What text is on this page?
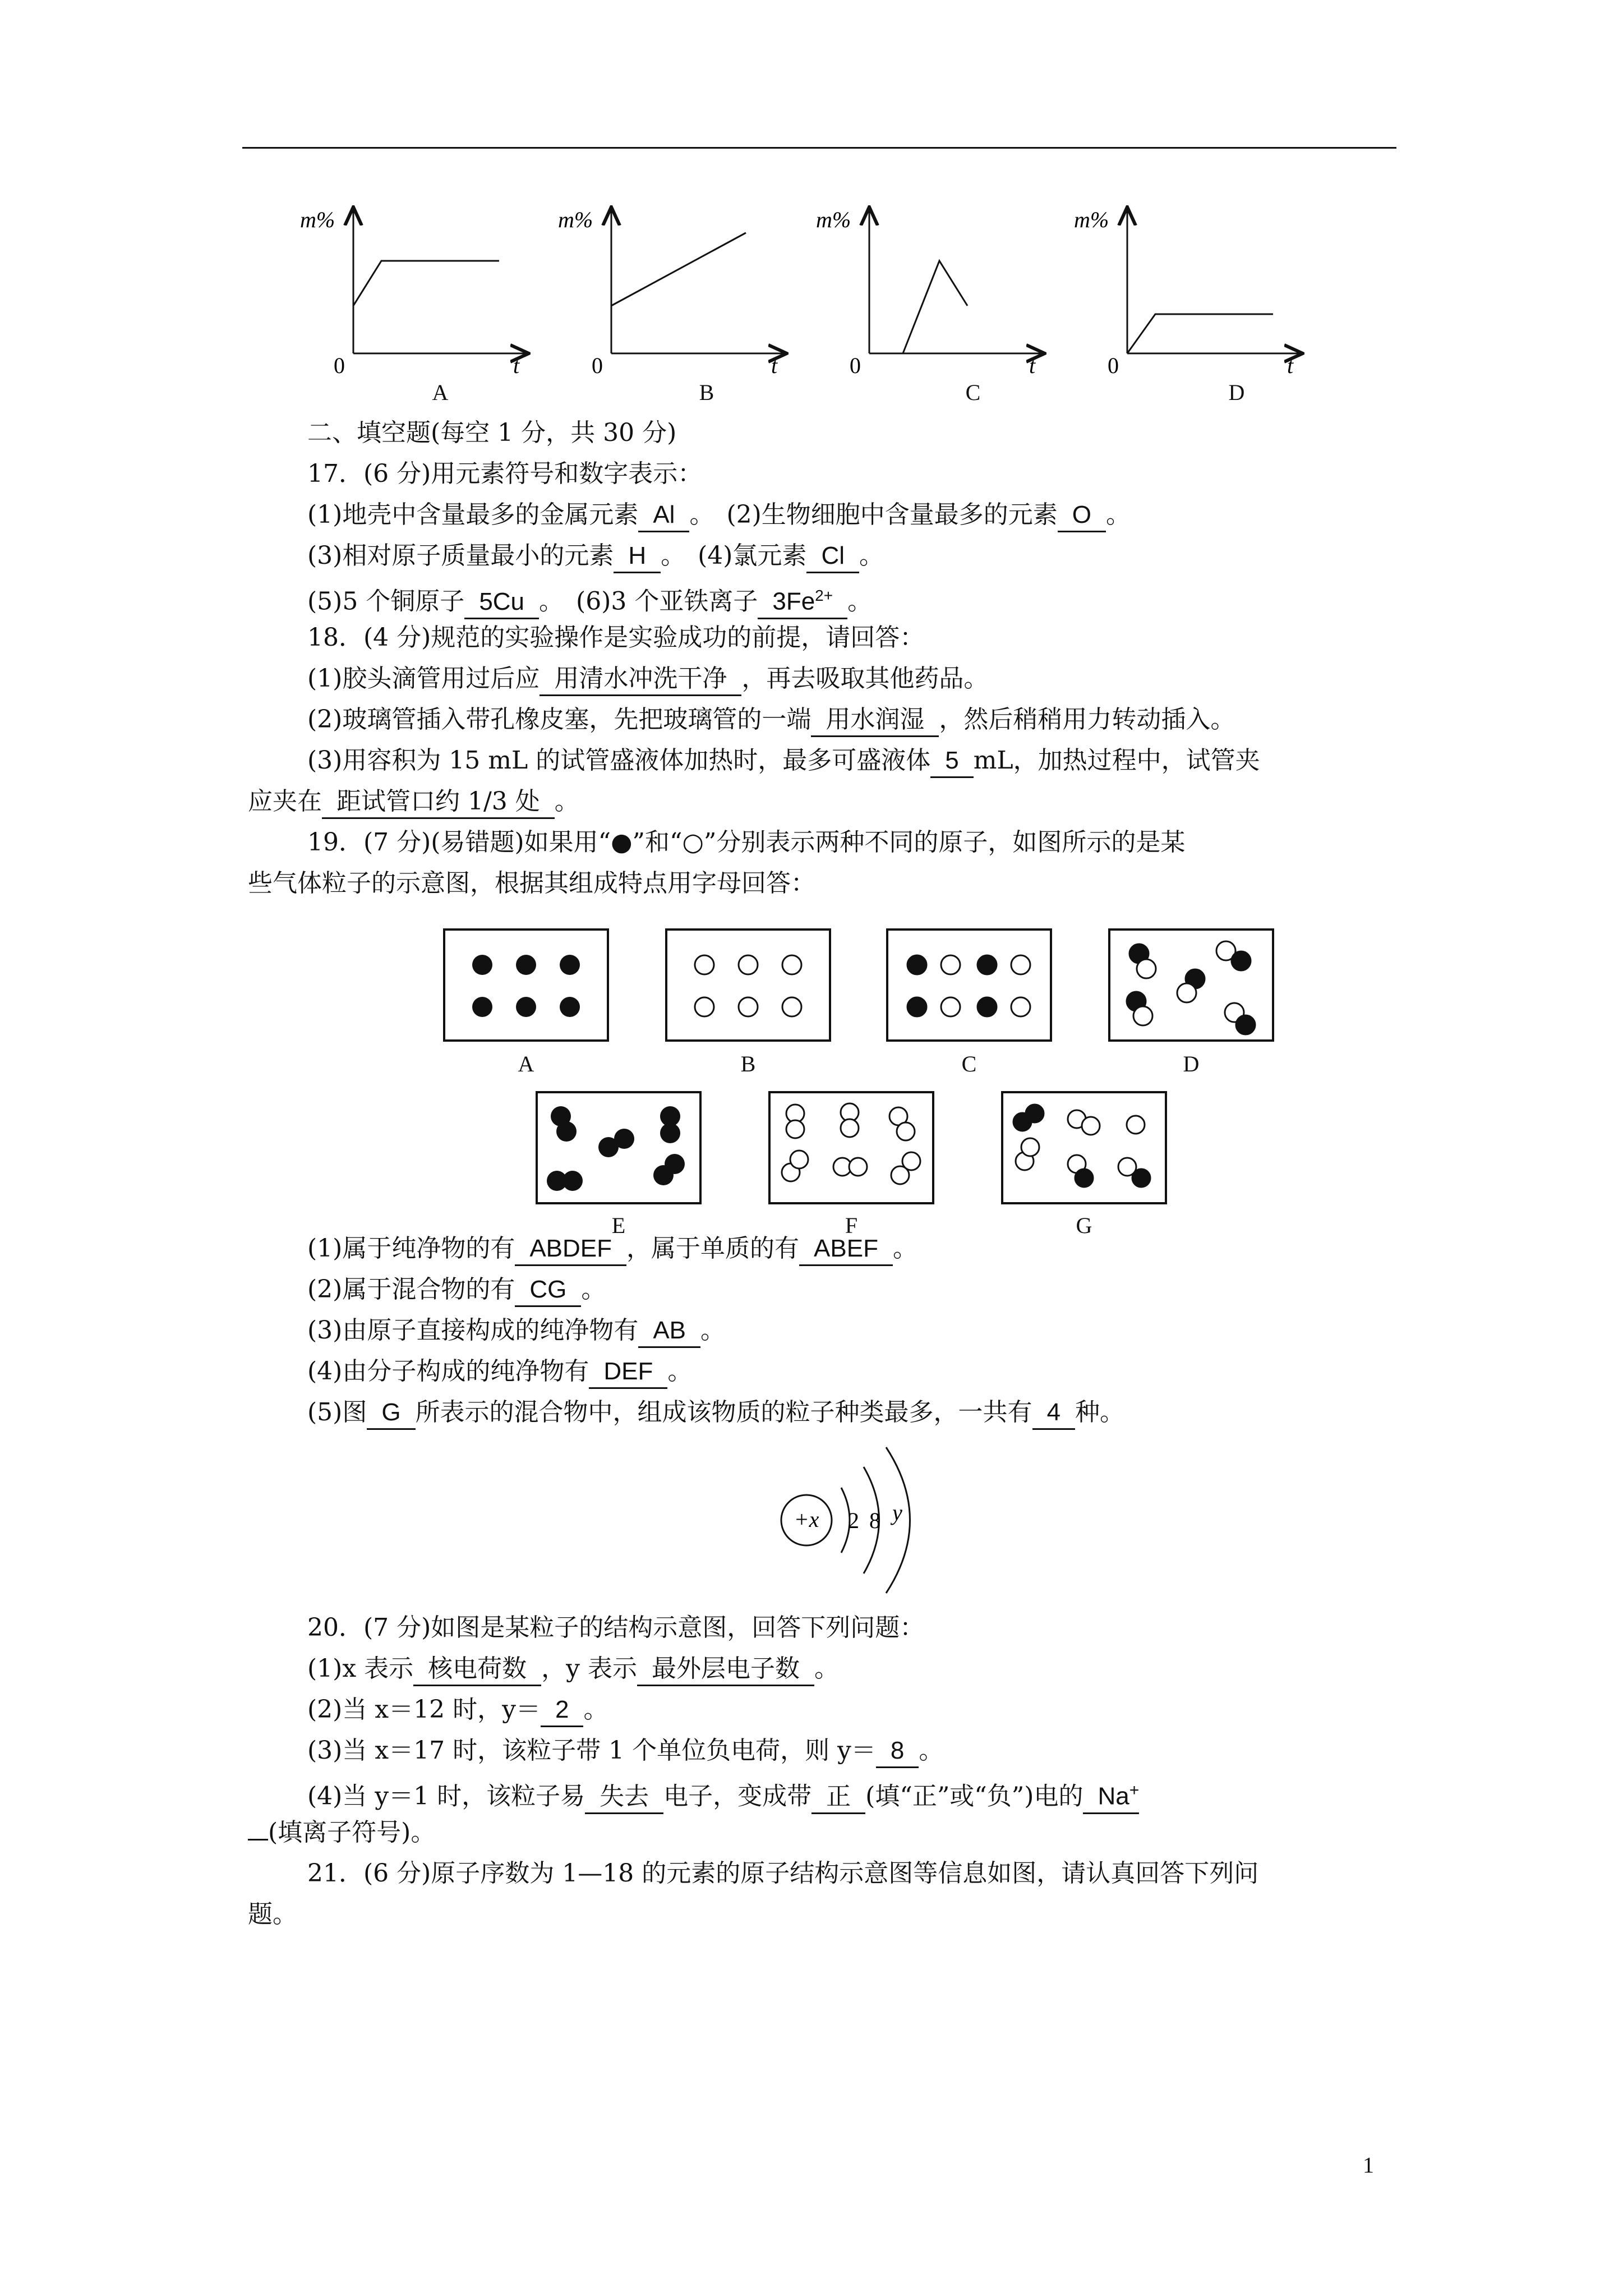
m%
0	t
m%
0	t
m%
0	t
m%
0	t
A	B	C	D
二、填空题(每空 1 分，共 30 分)
17．(6 分)用元素符号和数字表示：
(1)地壳中含量最多的金属元素 Al 。　(2)生物细胞中含量最多的元素 O 。
(3)相对原子质量最小的元素 H 。　(4)氯元素 Cl 。
(5)5 个铜原子 5Cu 。　(6)3 个亚铁离子 $3Fe^{2+}$ 。
18．(4 分)规范的实验操作是实验成功的前提，请回答：
(1)胶头滴管用过后应 用清水冲洗干净 ，再去吸取其他药品。
(2)玻璃管插入带孔橡皮塞，先把玻璃管的一端 用水润湿 ，然后稍稍用力转动插入。
(3)用容积为 15 mL 的试管盛液体加热时，最多可盛液体 5 mL，加热过程中，试管夹
应夹在 距试管口约 1/3 处 。
19．(7 分)(易错题)如果用“●”和“○”分别表示两种不同的原子，如图所示的是某
些气体粒子的示意图，根据其组成特点用字母回答：
A	B	C	D
E	F	G
(1)属于纯净物的有 ABDEF ，属于单质的有 ABEF 。
(2)属于混合物的有 CG 。
(3)由原子直接构成的纯净物有 AB 。
(4)由分子构成的纯净物有 DEF 。
(5)图 G 所表示的混合物中，组成该物质的粒子种类最多，一共有 4 种。
+x 2 8 y
20．(7 分)如图是某粒子的结构示意图，回答下列问题：
(1)x 表示 核电荷数 ，y 表示 最外层电子数 。
(2)当 x＝12 时，y＝ 2 。
(3)当 x＝17 时，该粒子带 1 个单位负电荷，则 y＝ 8 。
(4)当 y＝1 时，该粒子易 失去 电子，变成带 正 (填“正”或“负”)电的 Na+
(填离子符号)。
21．(6 分)原子序数为 1—18 的元素的原子结构示意图等信息如图，请认真回答下列问
题。
1
